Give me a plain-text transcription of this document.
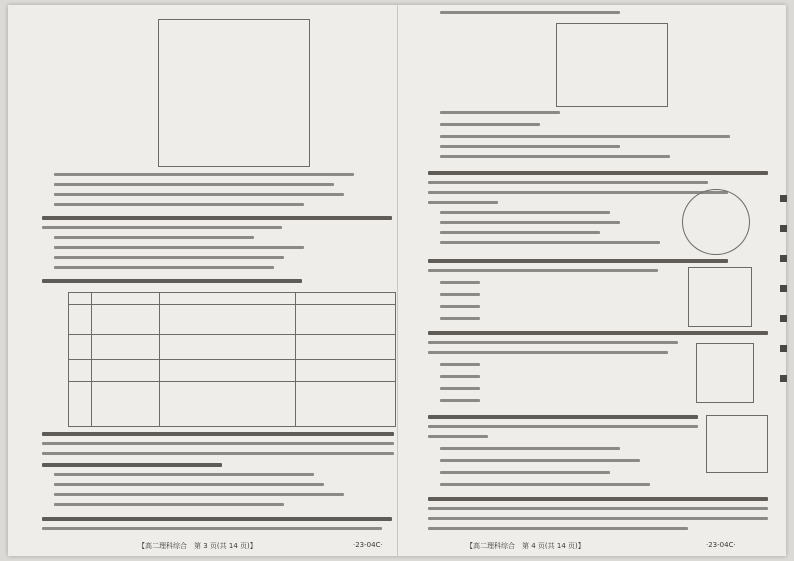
【高二理科综合　第 3 页(共 14 页)】	·23-04C·	【高二理科综合　第 4 页(共 14 页)】	·23-04C·
